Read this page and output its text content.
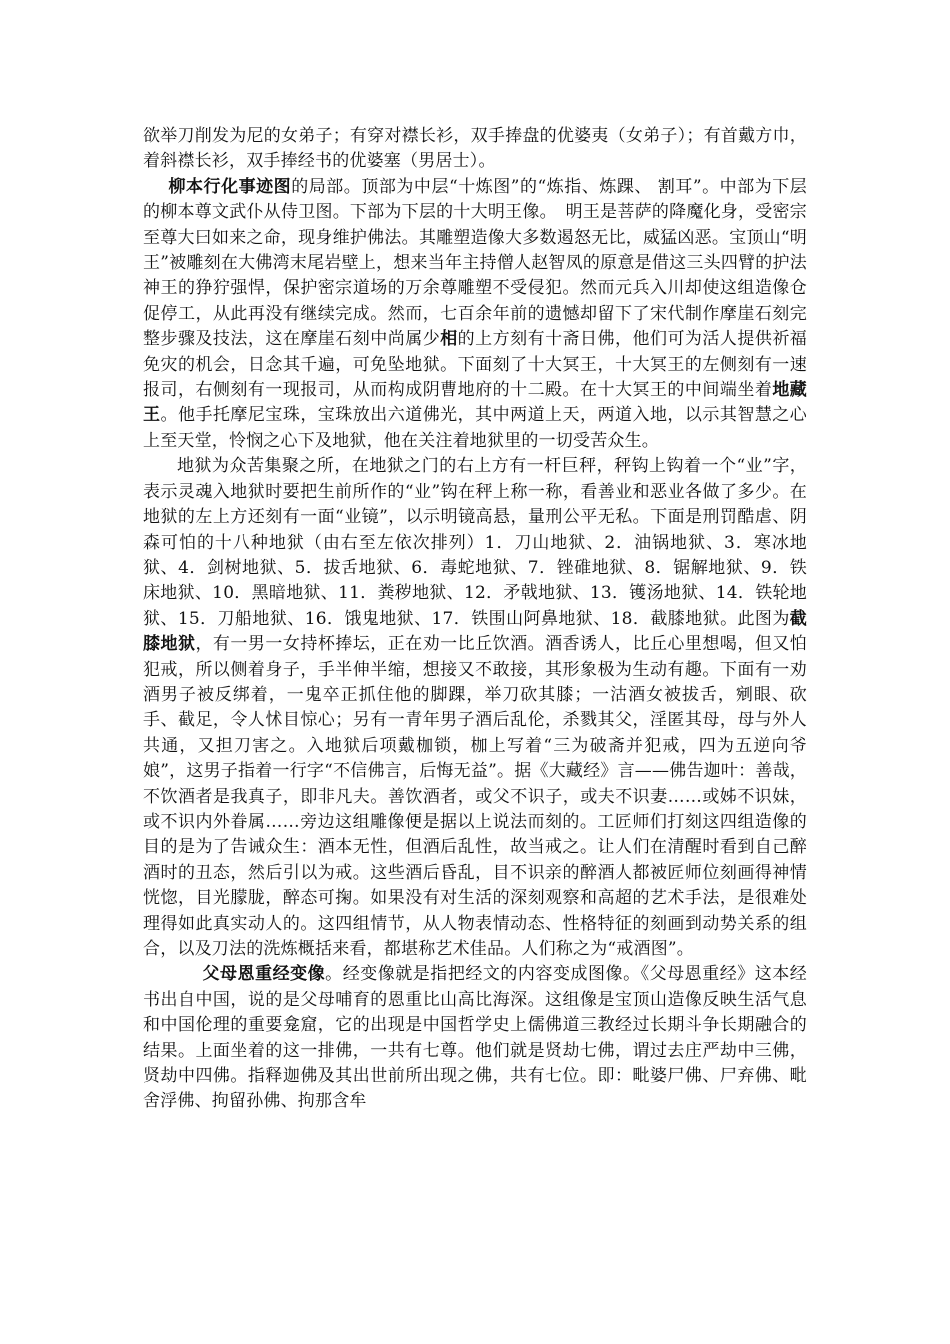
欲举刀削发为尼的女弟子；有穿对襟长衫，双手捧盘的优婆夷（女弟子）；有首戴方巾，着斜襟长衫，双手捧经书的优婆塞（男居士）。

柳本行化事迹图的局部。顶部为中层“十炼图”的“炼指、炼踝、 割耳”。中部为下层的柳本尊文武仆从侍卫图。下部为下层的十大明王像。　明王是菩萨的降魔化身，受密宗至尊大曰如来之命，现身维护佛法。其雕塑造像大多数遏怒无比，威猛凶恶。宝顶山“明王”被雕刻在大佛湾末尾岩壁上，想来当年主持僧人赵智凤的原意是借这三头四臂的护法神王的狰狞强悍，保护密宗道场的万余尊雕塑不受侵犯。然而元兵入川却使这组造像仓促停工，从此再没有继续完成。然而，七百余年前的遗憾却留下了宋代制作摩崖石刻完整步骤及技法，这在摩崖石刻中尚属少相的上方刻有十斋日佛，他们可为活人提供祈福免灾的机会，日念其千遍，可免坠地狱。下面刻了十大冥王，十大冥王的左侧刻有一速报司，右侧刻有一现报司，从而构成阴曹地府的十二殿。在十大冥王的中间端坐着地藏王。他手托摩尼宝珠，宝珠放出六道佛光，其中两道上天，两道入地，以示其智慧之心上至天堂，怜悯之心下及地狱，他在关注着地狱里的一切受苦众生。

地狱为众苦集聚之所，在地狱之门的右上方有一杆巨秤，秤钩上钩着一个“业”字，表示灵魂入地狱时要把生前所作的“业”钩在秤上称一称，看善业和恶业各做了多少。在地狱的左上方还刻有一面“业镜”，以示明镜高悬，量刑公平无私。下面是刑罚酷虐、阴森可怕的十八种地狱（由右至左依次排列）1．刀山地狱、2．油锅地狱、3．寒冰地狱、4．剑树地狱、5．拔舌地狱、6．毒蛇地狱、7．锉碓地狱、8．锯解地狱、9．铁床地狱、10．黑暗地狱、11．粪秽地狱、12．矛戟地狱、13．镬汤地狱、14．铁轮地狱、15．刀船地狱、16．饿鬼地狱、17．铁围山阿鼻地狱、18．截膝地狱。此图为截膝地狱，有一男一女持杯捧坛，正在劝一比丘饮酒。酒香诱人，比丘心里想喝，但又怕犯戒，所以侧着身子，手半伸半缩，想接又不敢接，其形象极为生动有趣。下面有一劝酒男子被反绑着，一鬼卒正抓住他的脚踝，举刀砍其膝；一沽酒女被拔舌，剜眼、砍手、截足，令人怵目惊心；另有一青年男子酒后乱伦，杀戮其父，淫匿其母，母与外人共通，又担刀害之。入地狱后项戴枷锁，枷上写着“三为破斋并犯戒，四为五逆向爷娘”，这男子指着一行字“不信佛言，后悔无益”。据《大藏经》言——佛告迦叶：善哉，不饮酒者是我真子，即非凡夫。善饮酒者，或父不识子，或夫不识妻……或姊不识妹，或不识内外眷属……旁边这组雕像便是据以上说法而刻的。工匠师们打刻这四组造像的目的是为了告诫众生：酒本无性，但酒后乱性，故当戒之。让人们在清醒时看到自己醉酒时的丑态，然后引以为戒。这些酒后昏乱，目不识亲的醉酒人都被匠师位刻画得神情恍惚，目光朦胧，醉态可掬。如果没有对生活的深刻观察和高超的艺术手法，是很难处理得如此真实动人的。这四组情节，从人物表情动态、性格特征的刻画到动势关系的组合，以及刀法的洗炼概括来看，都堪称艺术佳品。人们称之为“戒酒图”。

父母恩重经变像。经变像就是指把经文的内容变成图像。《父母恩重经》这本经书出自中国，说的是父母哺育的恩重比山高比海深。这组像是宝顶山造像反映生活气息和中国伦理的重要龛窟，它的出现是中国哲学史上儒佛道三教经过长期斗争长期融合的结果。上面坐着的这一排佛，一共有七尊。他们就是贤劫七佛，谓过去庄严劫中三佛，贤劫中四佛。指释迦佛及其出世前所出现之佛，共有七位。即：毗婆尸佛、尸弃佛、毗舍浮佛、拘留孙佛、拘那含牟
